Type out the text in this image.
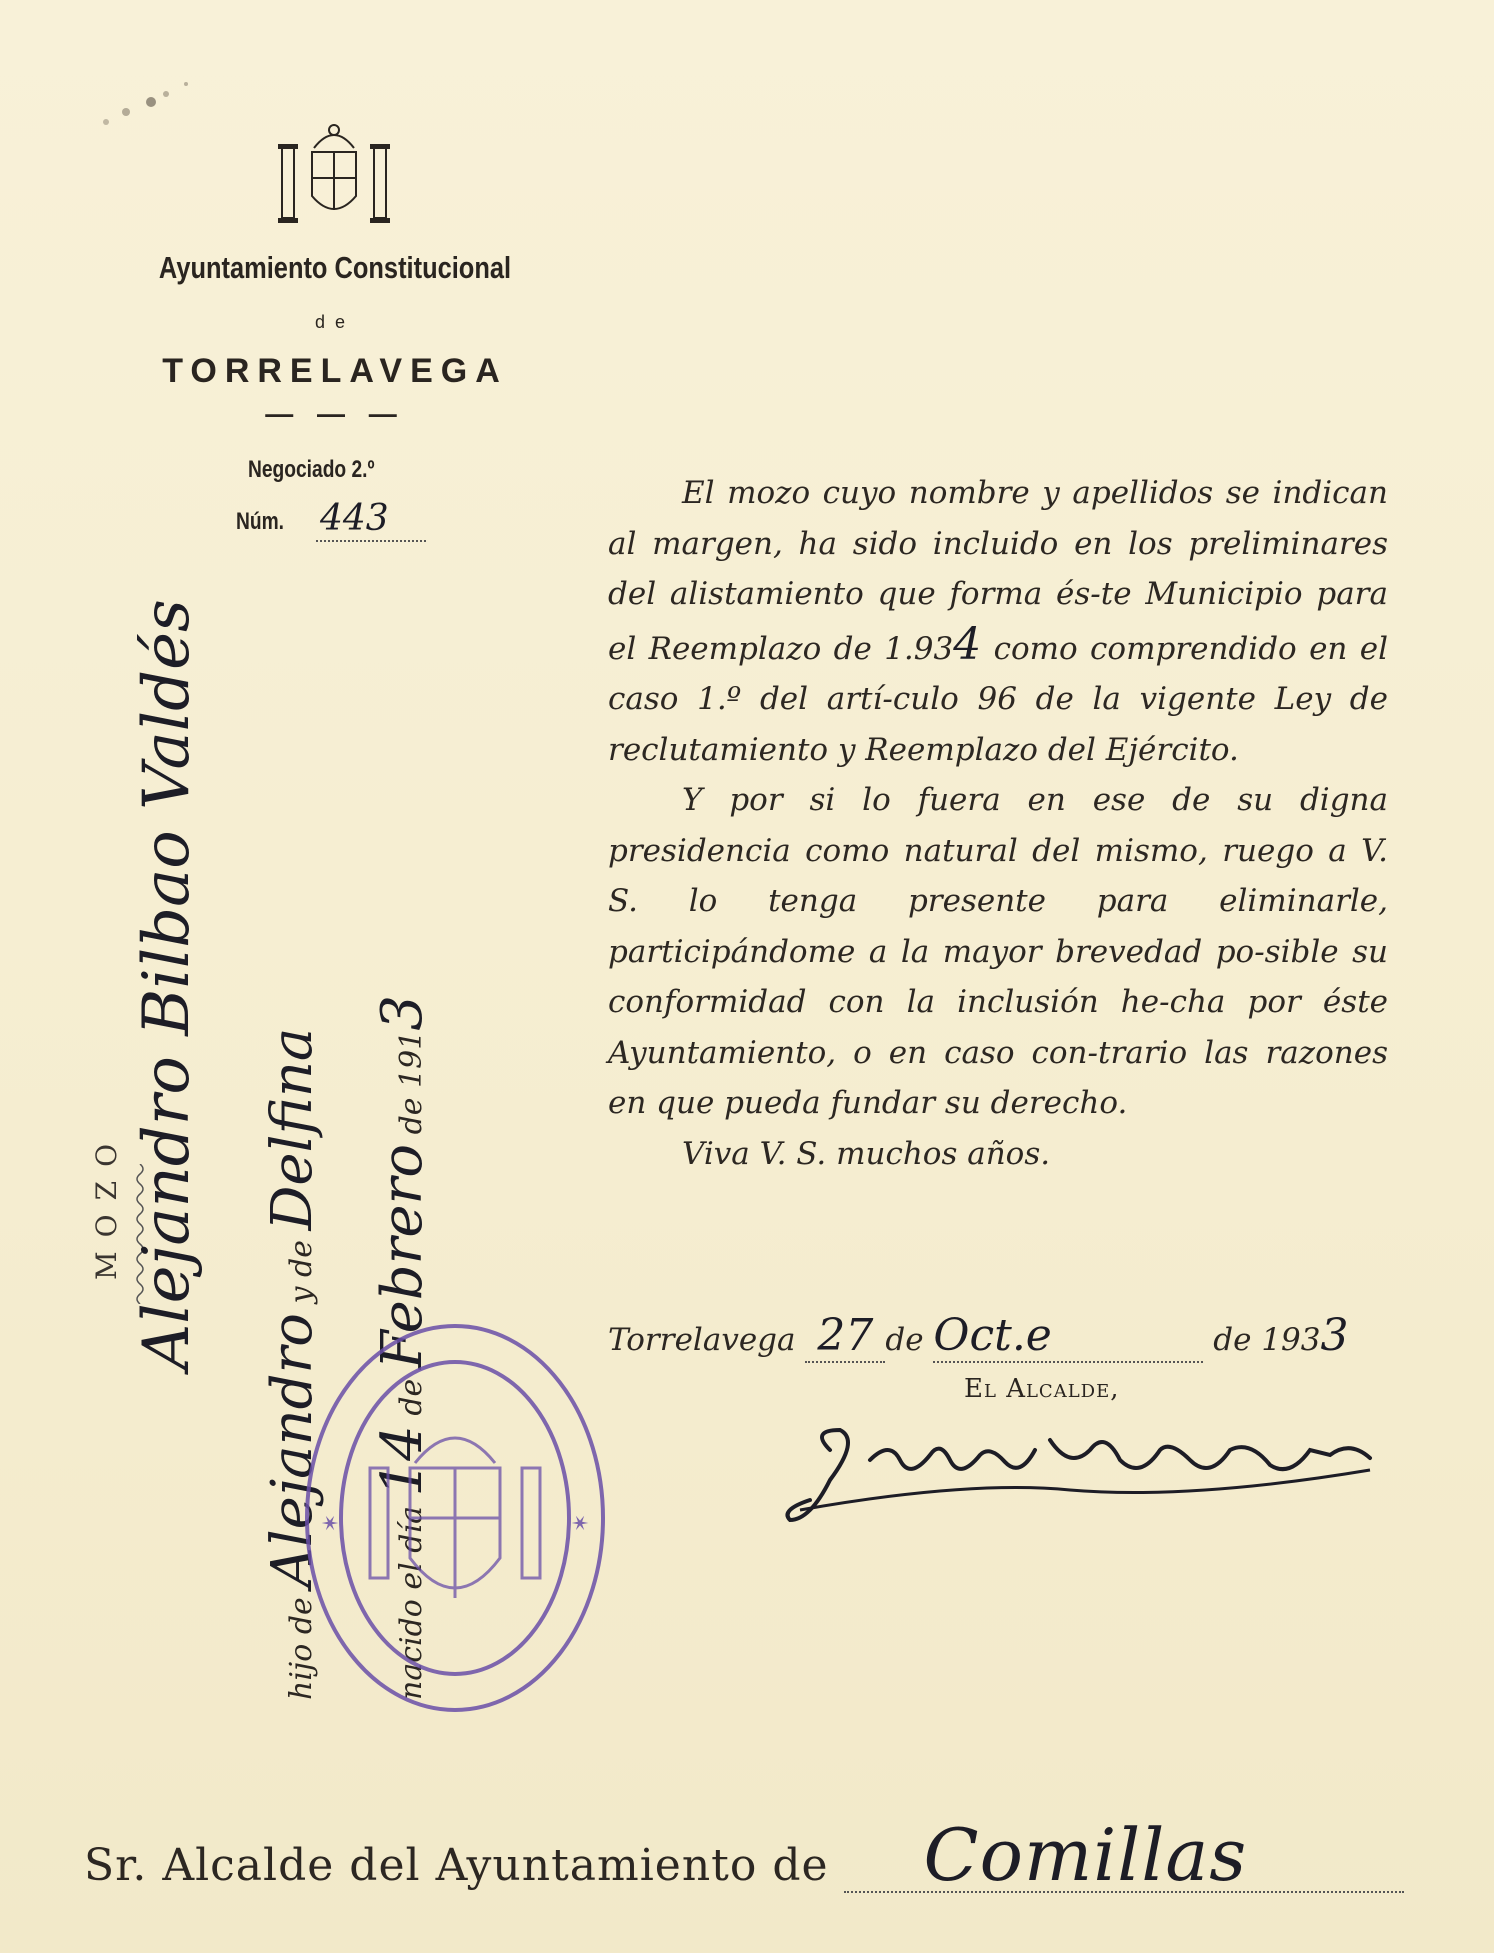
Ayuntamiento Constitucional
de
TORRELAVEGA
— — —
Negociado 2.º
Núm. 443

El mozo cuyo nombre y apellidos se indican al margen, ha sido incluido en los preliminares del alistamiento que forma és-te Municipio para el Reemplazo de 1.934 como comprendido en el caso 1.º del artí-culo 96 de la vigente Ley de reclutamiento y Reemplazo del Ejército.

Y por si lo fuera en ese de su digna presidencia como natural del mismo, ruego a V. S. lo tenga presente para eliminarle, participándome a la mayor brevedad po-sible su conformidad con la inclusión he-cha por éste Ayuntamiento, o en caso con-trario las razones en que pueda fundar su derecho.

Viva V. S. muchos años.

Torrelavega 27 de Oct.e	de 1933
El Alcalde,
MOZO Alejandro Bilbao Valdés
hijo de Alejandro y de Delfina
nacido el día 14 de Febrero de 1913
✶
✶
Sr. Alcalde del Ayuntamiento de Comillas
